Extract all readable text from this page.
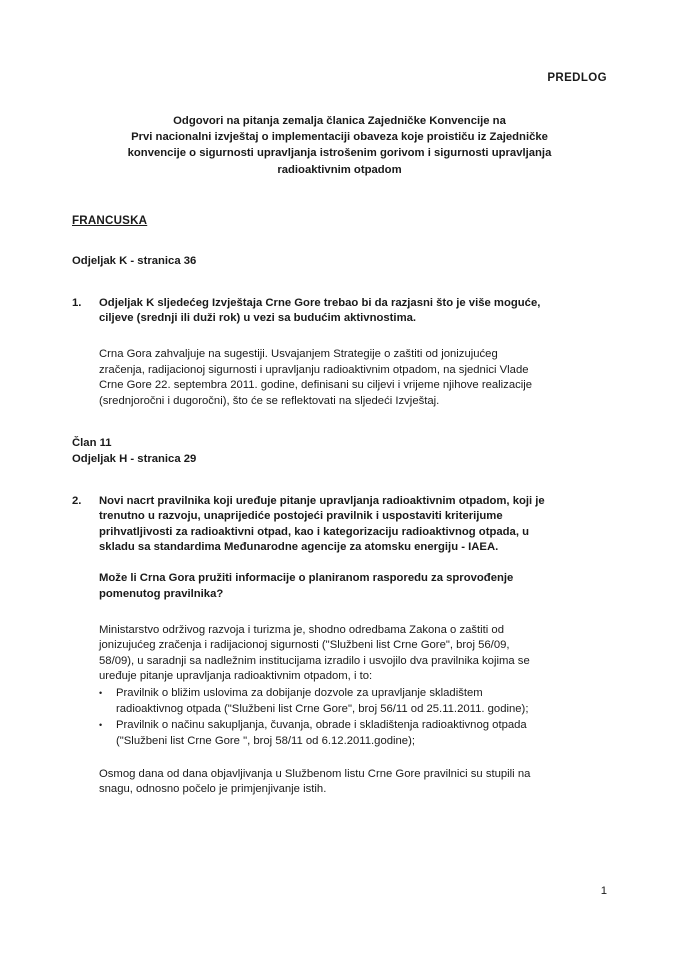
PREDLOG
Odgovori na pitanja zemalja članica Zajedničke Konvencije na
Prvi nacionalni izvještaj o implementaciji obaveza koje proističu iz Zajedničke
konvencije o sigurnosti upravljanja istrošenim gorivom i sigurnosti upravljanja
radioaktivnim otpadom
FRANCUSKA
Odjeljak K - stranica 36
1.	Odjeljak K sljedećeg Izvještaja Crne Gore trebao bi da razjasni što je više moguće,
ciljeve (srednji ili duži rok) u vezi sa budućim aktivnostima.
Crna Gora zahvaljuje na sugestiji. Usvajanjem Strategije o zaštiti od jonizujućeg
zračenja, radijacionoj sigurnosti i upravljanju radioaktivnim otpadom, na sjednici Vlade
Crne Gore 22. septembra 2011. godine, definisani su ciljevi i vrijeme njihove realizacije
(srednjoročni i dugoročni), što će se reflektovati na sljedeći Izvještaj.
Član 11
Odjeljak H - stranica 29
2.	Novi nacrt pravilnika koji uređuje pitanje upravljanja radioaktivnim otpadom, koji je
trenutno u razvoju, unaprijediće postojeći pravilnik i uspostaviti kriterijume
prihvatljivosti za radioaktivni otpad, kao i kategorizaciju radioaktivnog otpada, u
skladu sa standardima Međunarodne agencije za atomsku energiju - IAEA.
Može li Crna Gora pružiti informacije o planiranom rasporedu za sprovođenje
pomenutog pravilnika?
Ministarstvo održivog razvoja i turizma je, shodno odredbama Zakona o zaštiti od
jonizujućeg zračenja i radijacionoj sigurnosti ("Službeni list Crne Gore", broj 56/09,
58/09), u saradnji sa nadležnim institucijama izradilo i usvojilo dva pravilnika kojima se
uređuje pitanje upravljanja radioaktivnim otpadom, i to:
•	Pravilnik o bližim uslovima za dobijanje dozvole za upravljanje skladištem
radioaktivnog otpada ("Službeni list Crne Gore", broj 56/11 od 25.11.2011. godine);
•	Pravilnik o načinu sakupljanja, čuvanja, obrade i skladištenja radioaktivnog otpada
("Službeni list Crne Gore ", broj 58/11 od 6.12.2011.godine);
Osmog dana od dana objavljivanja u Službenom listu Crne Gore pravilnici su stupili na
snagu, odnosno počelo je primjenjivanje istih.
1
